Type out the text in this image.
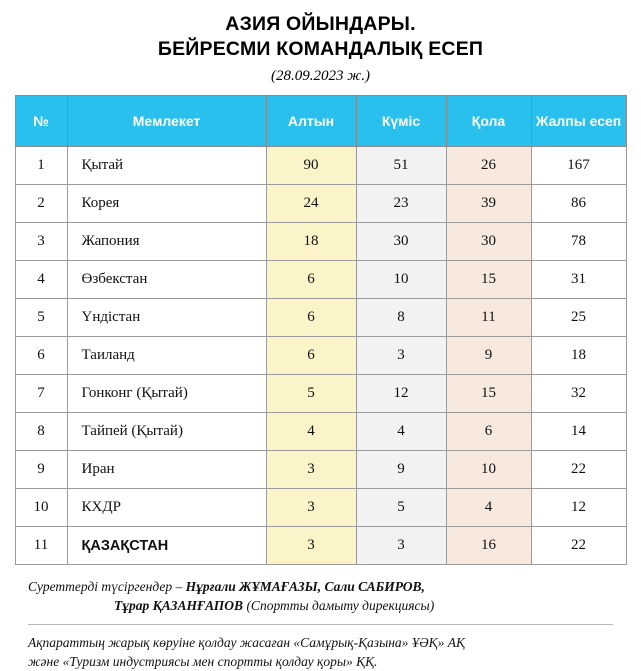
АЗИЯ ОЙЫНДАРЫ.
БЕЙРЕСМИ КОМАНДАЛЫҚ ЕСЕП
(28.09.2023 ж.)
№	Мемлекет	Алтын	Күміс	Қола	Жалпы есеп
1	Қытай	90	51	26	167
2	Корея	24	23	39	86
3	Жапония	18	30	30	78
4	Өзбекстан	6	10	15	31
5	Үндістан	6	8	11	25
6	Таиланд	6	3	9	18
7	Гонконг (Қытай)	5	12	15	32
8	Тайпей (Қытай)	4	4	6	14
9	Иран	3	9	10	22
10	КХДР	3	5	4	12
11	ҚАЗАҚСТАН	3	3	16	22
Суреттерді түсіргендер – Нұрғали ЖҰМАҒАЗЫ, Сали САБИРОВ,
Тұрар ҚАЗАНҒАПОВ (Спортты дамыту дирекциясы)
Ақпараттың жарық көруіне қолдау жасаған «Самұрық-Қазына» ҰӘҚ» АҚ
және «Туризм индустриясы мен спортты қолдау қоры» ҚҚ.
